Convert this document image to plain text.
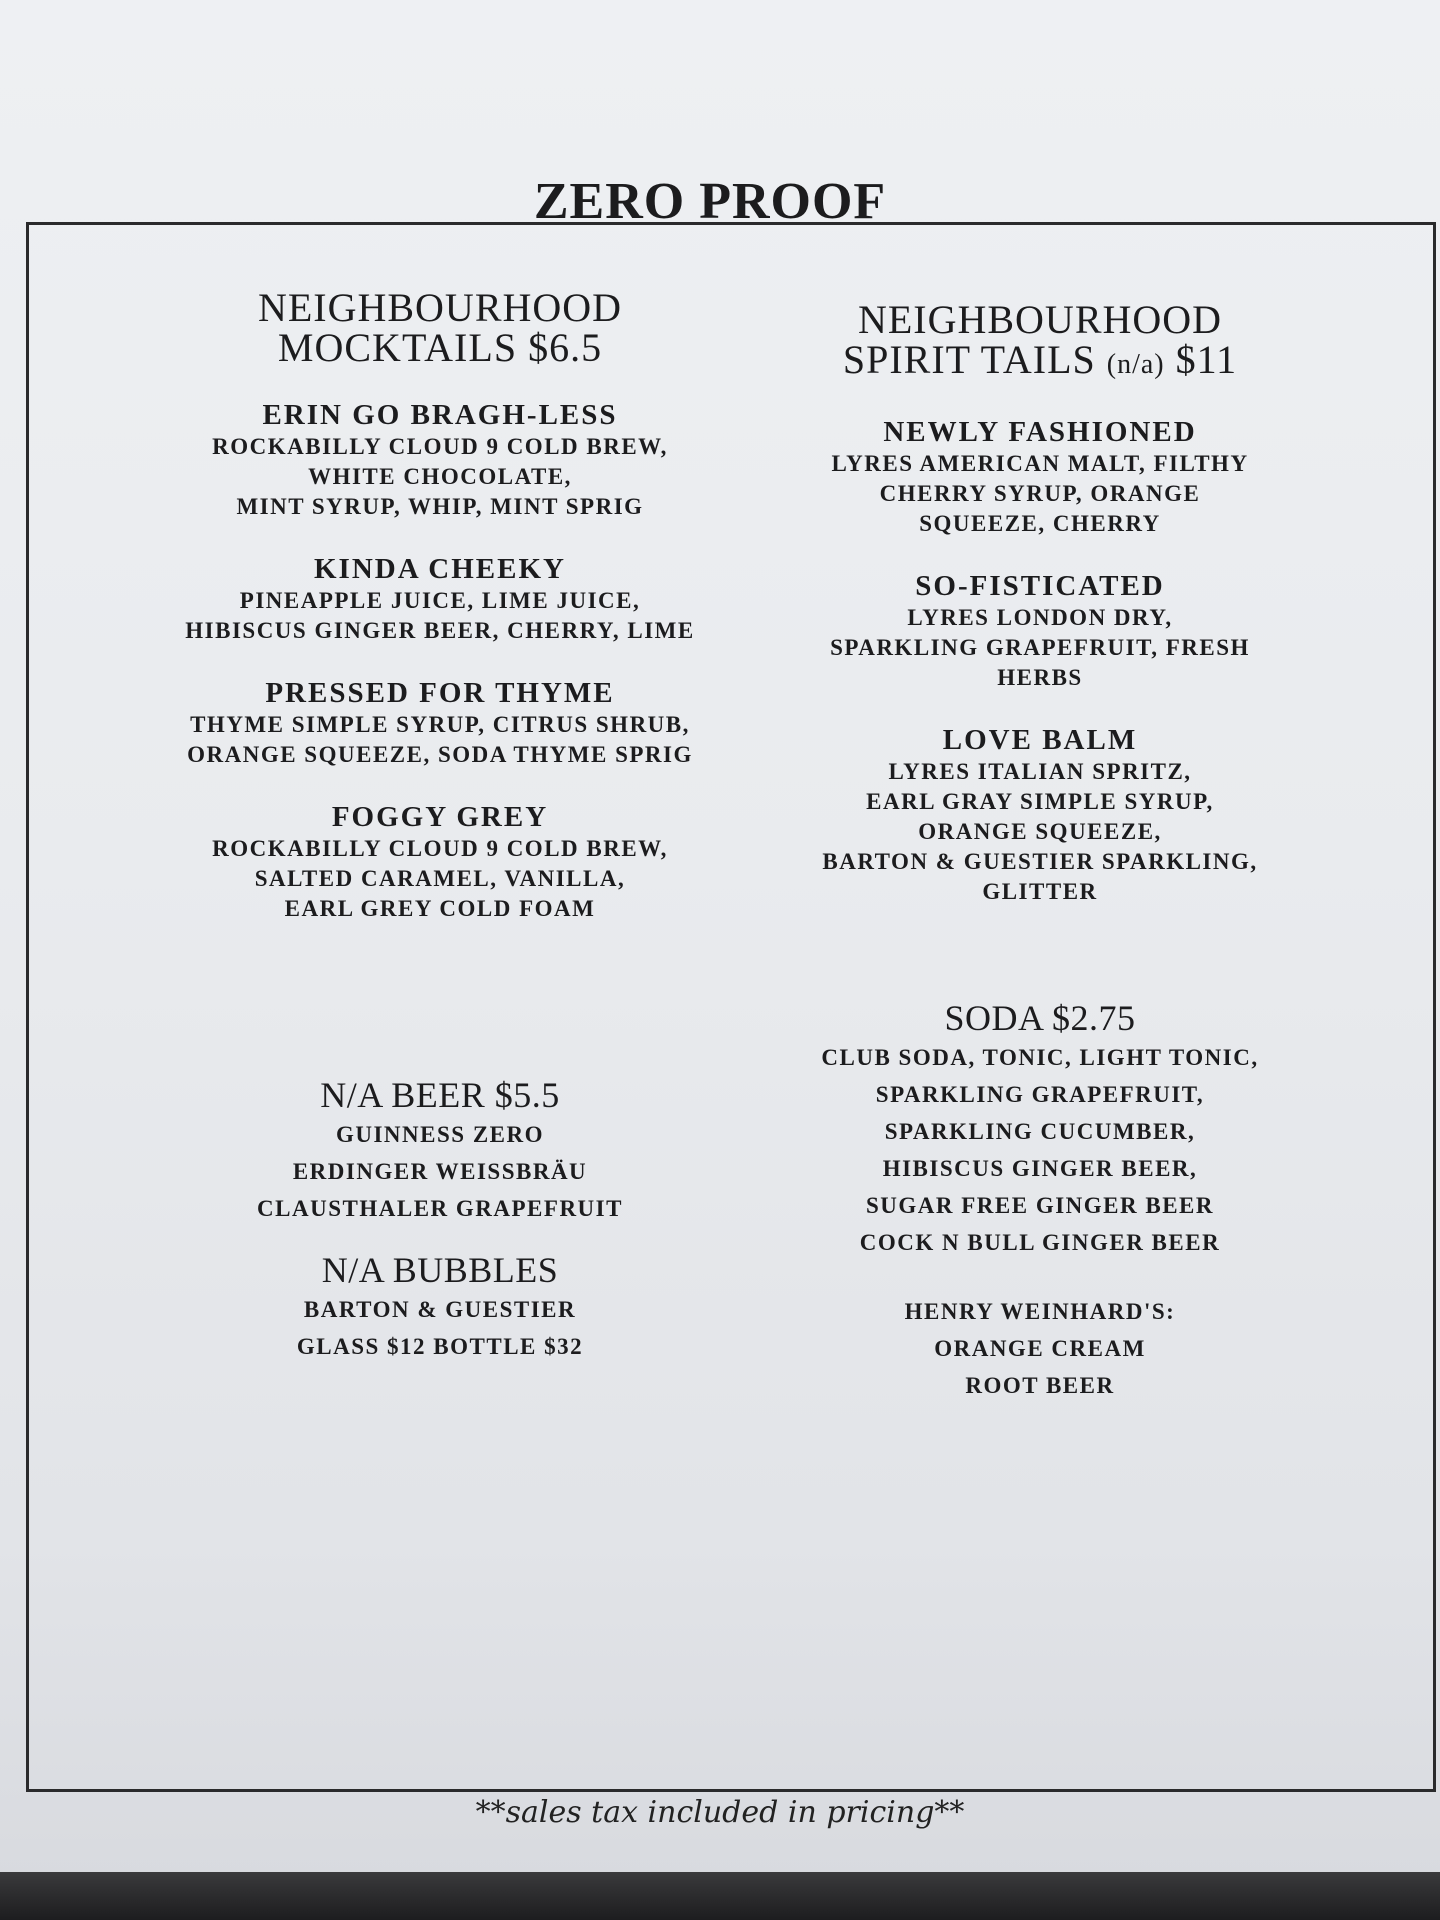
ZERO PROOF
NEIGHBOURHOOD
MOCKTAILS $6.5
ERIN GO BRAGH-LESS
ROCKABILLY CLOUD 9 COLD BREW,
WHITE CHOCOLATE,
MINT SYRUP, WHIP, MINT SPRIG
KINDA CHEEKY
PINEAPPLE JUICE, LIME JUICE,
HIBISCUS GINGER BEER, CHERRY, LIME
PRESSED FOR THYME
THYME SIMPLE SYRUP, CITRUS SHRUB,
ORANGE SQUEEZE, SODA THYME SPRIG
FOGGY GREY
ROCKABILLY CLOUD 9 COLD BREW,
SALTED CARAMEL, VANILLA,
EARL GREY COLD FOAM
N/A BEER $5.5
GUINNESS ZERO
ERDINGER WEISSBRÄU
CLAUSTHALER GRAPEFRUIT
N/A BUBBLES
BARTON & GUESTIER
GLASS $12 BOTTLE $32
NEIGHBOURHOOD
SPIRIT TAILS (n/a) $11
NEWLY FASHIONED
LYRES AMERICAN MALT, FILTHY
CHERRY SYRUP, ORANGE
SQUEEZE, CHERRY
SO-FISTICATED
LYRES LONDON DRY,
SPARKLING GRAPEFRUIT, FRESH
HERBS
LOVE BALM
LYRES ITALIAN SPRITZ,
EARL GRAY SIMPLE SYRUP,
ORANGE SQUEEZE,
BARTON & GUESTIER SPARKLING,
GLITTER
SODA $2.75
CLUB SODA, TONIC, LIGHT TONIC,
SPARKLING GRAPEFRUIT,
SPARKLING CUCUMBER,
HIBISCUS GINGER BEER,
SUGAR FREE GINGER BEER
COCK N BULL GINGER BEER
HENRY WEINHARD'S:
ORANGE CREAM
ROOT BEER
**sales tax included in pricing**
